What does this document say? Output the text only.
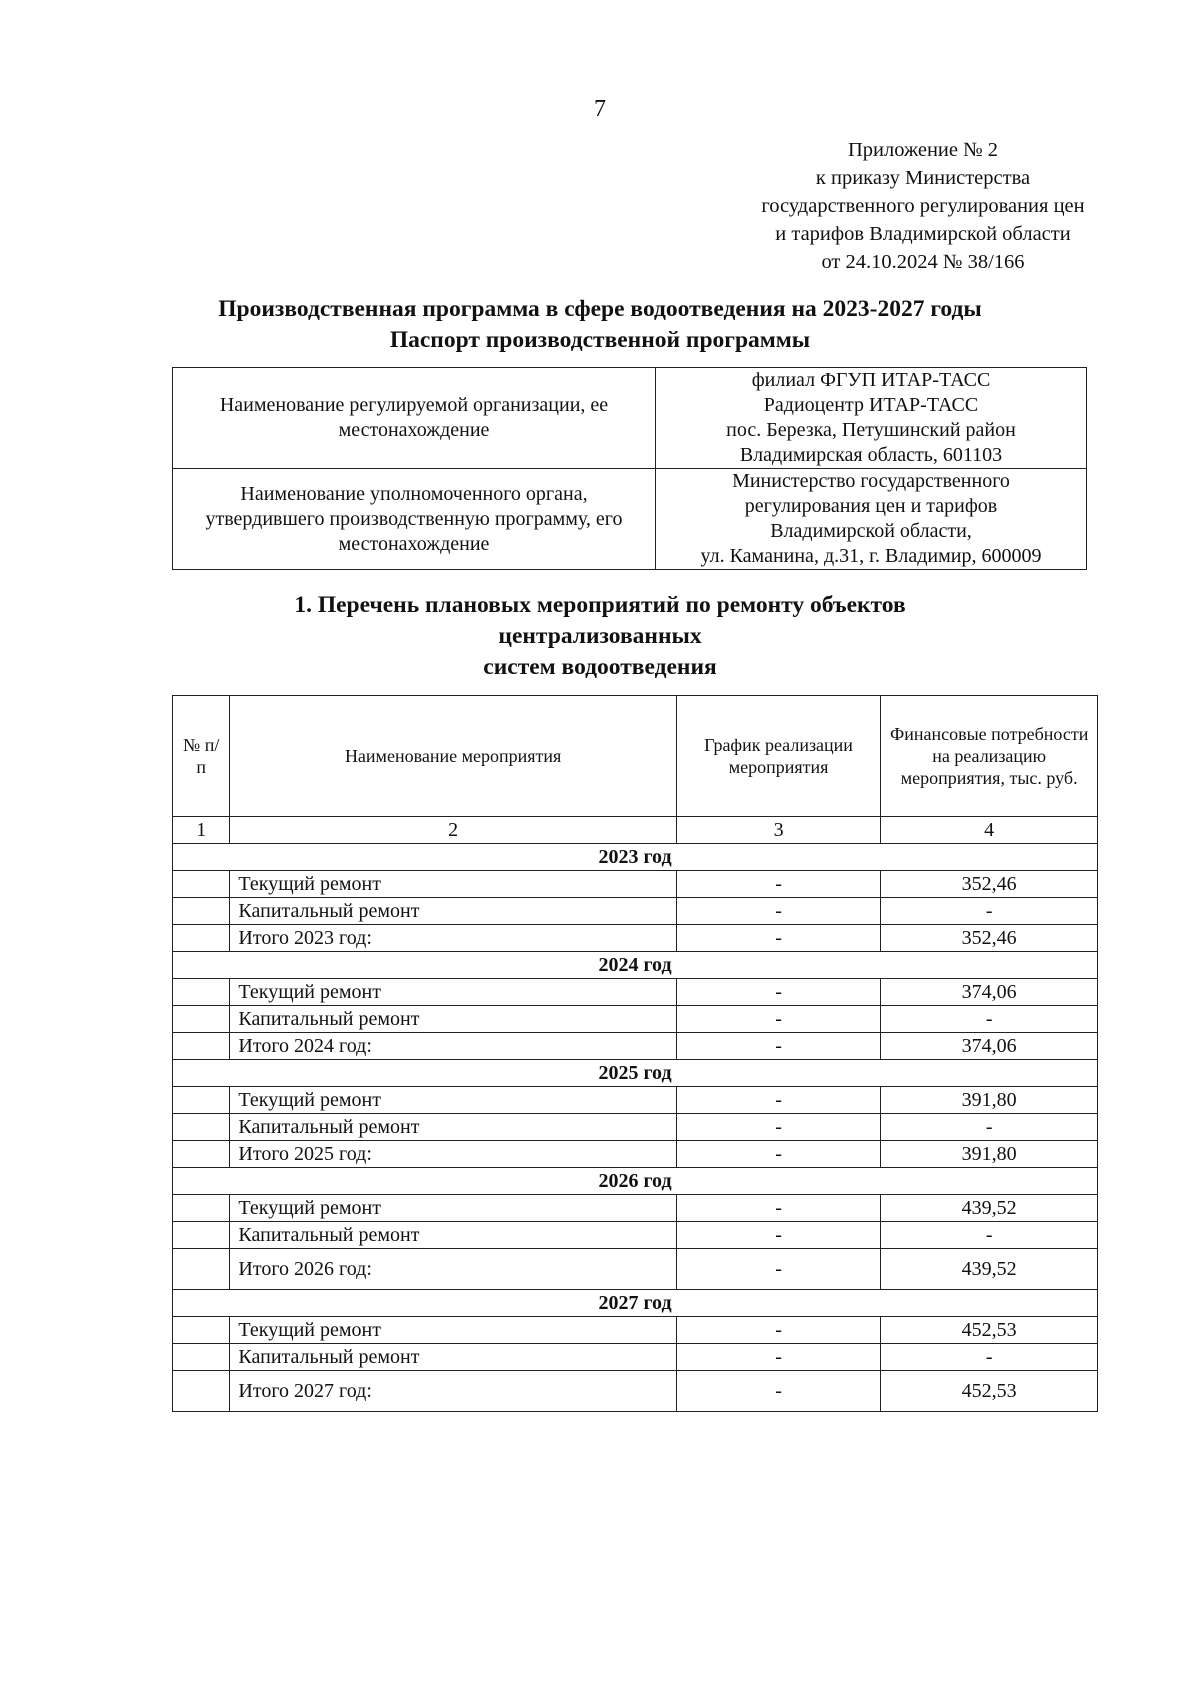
7
Приложение № 2
к приказу Министерства
государственного регулирования цен
и тарифов Владимирской области
от 24.10.2024 № 38/166
Производственная программа в сфере водоотведения на 2023-2027 годы
Паспорт производственной программы
Наименование регулируемой организации, ее местонахождение	филиал ФГУП ИТАР-ТАСС
Радиоцентр ИТАР-ТАСС
пос. Березка, Петушинский район
Владимирская область, 601103

Наименование уполномоченного органа, утвердившего производственную программу, его местонахождение	Министерство государственного
регулирования цен и тарифов
Владимирской области,
ул. Каманина, д.31, г. Владимир, 600009
1. Перечень плановых мероприятий по ремонту объектов
централизованных
систем водоотведения
№ п/п	Наименование мероприятия	График реализации мероприятия	Финансовые потребности на реализацию мероприятия, тыс. руб.
1	2	3	4
2023 год			
	Текущий ремонт	-	352,46
	Капитальный ремонт	-	-
	Итого 2023 год:	-	352,46
2024 год			
	Текущий ремонт	-	374,06
	Капитальный ремонт	-	-
	Итого 2024 год:	-	374,06
2025 год			
	Текущий ремонт	-	391,80
	Капитальный ремонт	-	-
	Итого 2025 год:	-	391,80
2026 год			
	Текущий ремонт	-	439,52
	Капитальный ремонт	-	-
	Итого 2026 год:	-	439,52
2027 год			
	Текущий ремонт	-	452,53
	Капитальный ремонт	-	-
	Итого 2027 год:	-	452,53
